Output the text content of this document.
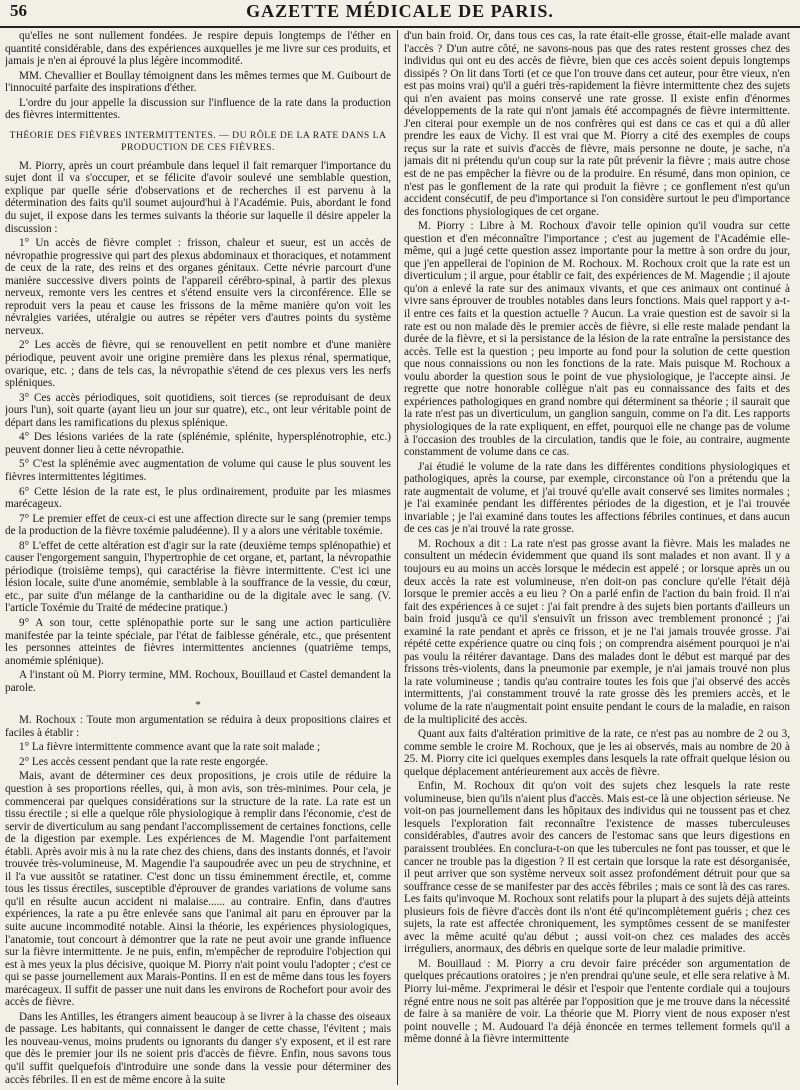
56	GAZETTE MÉDICALE DE PARIS.

qu'elles ne sont nullement fondées. Je respire depuis longtemps de l'éther en quantité considérable, dans des expériences auxquelles je me livre sur ces produits, et jamais je n'en ai éprouvé la plus légère incommodité.

MM. Chevallier et Boullay témoignent dans les mêmes termes que M. Guibourt de l'innocuité parfaite des inspirations d'éther.

L'ordre du jour appelle la discussion sur l'influence de la rate dans la production des fièvres intermittentes.

THÉORIE DES FIÈVRES INTERMITTENTES. — DU RÔLE DE LA RATE DANS LA PRODUCTION DE CES FIÈVRES.

M. Piorry, après un court préambule dans lequel il fait remarquer l'importance du sujet dont il va s'occuper, et se félicite d'avoir soulevé une semblable question, explique par quelle série d'observations et de recherches il est parvenu à la détermination des faits qu'il soumet aujourd'hui à l'Académie. Puis, abordant le fond du sujet, il expose dans les termes suivants la théorie sur laquelle il désire appeler la discussion :

1° Un accès de fièvre complet : frisson, chaleur et sueur, est un accès de névropathie progressive qui part des plexus abdominaux et thoraciques, et notamment de ceux de la rate, des reins et des organes génitaux. Cette névrie parcourt d'une manière successive divers points de l'appareil cérébro-spinal, à partir des plexus nerveux, remonte vers les centres et s'étend ensuite vers la circonférence. Elle se reproduit vers la peau et cause les frissons de la même manière qu'on voit les névralgies variées, utéralgie ou autres se répéter vers d'autres points du système nerveux.

2° Les accès de fièvre, qui se renouvellent en petit nombre et d'une manière périodique, peuvent avoir une origine première dans les plexus rénal, spermatique, ovarique, etc. ; dans de tels cas, la névropathie s'étend de ces plexus vers les nerfs spléniques.

3° Ces accès périodiques, soit quotidiens, soit tierces (se reproduisant de deux jours l'un), soit quarte (ayant lieu un jour sur quatre), etc., ont leur véritable point de départ dans les ramifications du plexus splénique.

4° Des lésions variées de la rate (splénémie, splénite, hypersplénotrophie, etc.) peuvent donner lieu à cette névropathie.

5° C'est la splénémie avec augmentation de volume qui cause le plus souvent les fièvres intermittentes légitimes.

6° Cette lésion de la rate est, le plus ordinairement, produite par les miasmes marécageux.

7° Le premier effet de ceux-ci est une affection directe sur le sang (premier temps de la production de la fièvre toxémie paludéenne). Il y a alors une véritable toxémie.

8° L'effet de cette altération est d'agir sur la rate (deuxième temps splénopathie) et causer l'engorgement sanguin, l'hypertrophie de cet organe, et, partant, la névropathie périodique (troisième temps), qui caractérise la fièvre intermittente. C'est ici une lésion locale, suite d'une anomémie, semblable à la souffrance de la vessie, du cœur, etc., par suite d'un mélange de la cantharidine ou de la digitale avec le sang. (V. l'article Toxémie du Traité de médecine pratique.)

9° A son tour, cette splénopathie porte sur le sang une action particulière manifestée par la teinte spéciale, par l'état de faiblesse générale, etc., que présentent les personnes atteintes de fièvres intermittentes anciennes (quatrième temps, anomémie splénique).

A l'instant où M. Piorry termine, MM. Rochoux, Bouillaud et Castel demandent la parole.

*

M. Rochoux : Toute mon argumentation se réduira à deux propositions claires et faciles à établir :

1° La fièvre intermittente commence avant que la rate soit malade ;

2° Les accès cessent pendant que la rate reste engorgée.

Mais, avant de déterminer ces deux propositions, je crois utile de réduire la question à ses proportions réelles, qui, à mon avis, son très-minimes. Pour cela, je commencerai par quelques considérations sur la structure de la rate. La rate est un tissu érectile ; si elle a quelque rôle physiologique à remplir dans l'économie, c'est de servir de diverticulum au sang pendant l'accomplissement de certaines fonctions, celle de la digestion par exemple. Les expériences de M. Magendie l'ont parfaitement établi. Après avoir mis à nu la rate chez des chiens, dans des instants donnés, et l'avoir trouvée très-volumineuse, M. Magendie l'a saupoudrée avec un peu de strychnine, et il l'a vue aussitôt se ratatiner. C'est donc un tissu éminemment érectile, et, comme tous les tissus érectiles, susceptible d'éprouver de grandes variations de volume sans qu'il en résulte aucun accident ni malaise...... au contraire. Enfin, dans d'autres expériences, la rate a pu être enlevée sans que l'animal ait paru en éprouver par la suite aucune incommodité notable. Ainsi la théorie, les expériences physiologiques, l'anatomie, tout concourt à démontrer que la rate ne peut avoir une grande influence sur la fièvre intermittente. Je ne puis, enfin, m'empêcher de reproduire l'objection qui est à mes yeux la plus décisive, quoique M. Piorry n'ait point voulu l'adopter ; c'est ce qui se passe journellement aux Marais-Pontins. Il en est de même dans tous les foyers marécageux. Il suffit de passer une nuit dans les environs de Rochefort pour avoir des accès de fièvre.

Dans les Antilles, les étrangers aiment beaucoup à se livrer à la chasse des oiseaux de passage. Les habitants, qui connaissent le danger de cette chasse, l'évitent ; mais les nouveau-venus, moins prudents ou ignorants du danger s'y exposent, et il est rare que dès le premier jour ils ne soient pris d'accès de fièvre. Enfin, nous savons tous qu'il suffit quelquefois d'introduire une sonde dans la vessie pour déterminer des accès fébriles. Il en est de même encore à la suite

d'un bain froid. Or, dans tous ces cas, la rate était-elle grosse, était-elle malade avant l'accès ? D'un autre côté, ne savons-nous pas que des rates restent grosses chez des individus qui ont eu des accès de fièvre, bien que ces accès soient depuis longtemps dissipés ? On lit dans Torti (et ce que l'on trouve dans cet auteur, pour être vieux, n'en est pas moins vrai) qu'il a guéri très-rapidement la fièvre intermittente chez des sujets qui n'en avaient pas moins conservé une rate grosse. Il existe enfin d'énormes développements de la rate qui n'ont jamais été accompagnés de fièvre intermittente. J'en citerai pour exemple un de nos confrères qui est dans ce cas et qui a dû aller prendre les eaux de Vichy. Il est vrai que M. Piorry a cité des exemples de coups reçus sur la rate et suivis d'accès de fièvre, mais personne ne doute, je sache, n'a jamais dit ni prétendu qu'un coup sur la rate pût prévenir la fièvre ; mais autre chose est de ne pas empêcher la fièvre ou de la produire. En résumé, dans mon opinion, ce n'est pas le gonflement de la rate qui produit la fièvre ; ce gonflement n'est qu'un accident consécutif, de peu d'importance si l'on considère surtout le peu d'importance des fonctions physiologiques de cet organe.

M. Piorry : Libre à M. Rochoux d'avoir telle opinion qu'il voudra sur cette question et d'en méconnaître l'importance ; c'est au jugement de l'Académie elle-même, qui a jugé cette question assez importante pour la mettre à son ordre du jour, que j'en appellerai de l'opinion de M. Rochoux. M. Rochoux croit que la rate est un diverticulum ; il argue, pour établir ce fait, des expériences de M. Magendie ; il ajoute qu'on a enlevé la rate sur des animaux vivants, et que ces animaux ont continué à vivre sans éprouver de troubles notables dans leurs fonctions. Mais quel rapport y a-t-il entre ces faits et la question actuelle ? Aucun. La vraie question est de savoir si la rate est ou non malade dès le premier accès de fièvre, si elle reste malade pendant la durée de la fièvre, et si la persistance de la lésion de la rate entraîne la persistance des accès. Telle est la question ; peu importe au fond pour la solution de cette question que nous connaissions ou non les fonctions de la rate. Mais puisque M. Rochoux a voulu aborder la question sous le point de vue physiologique, je l'accepte ainsi. Je regrette que notre honorable collègue n'ait pas eu connaissance des faits et des expériences pathologiques en grand nombre qui déterminent sa théorie ; il saurait que la rate n'est pas un diverticulum, un ganglion sanguin, comme on l'a dit. Les rapports physiologiques de la rate expliquent, en effet, pourquoi elle ne change pas de volume à l'occasion des troubles de la circulation, tandis que le foie, au contraire, augmente constamment de volume dans ce cas.

J'ai étudié le volume de la rate dans les différentes conditions physiologiques et pathologiques, après la course, par exemple, circonstance où l'on a prétendu que la rate augmentait de volume, et j'ai trouvé qu'elle avait conservé ses limites normales ; je l'ai examinée pendant les différentes périodes de la digestion, et je l'ai trouvée invariable ; je l'ai examiné dans toutes les affections fébriles continues, et dans aucun de ces cas je n'ai trouvé la rate grosse.

M. Rochoux a dit : La rate n'est pas grosse avant la fièvre. Mais les malades ne consultent un médecin évidemment que quand ils sont malades et non avant. Il y a toujours eu au moins un accès lorsque le médecin est appelé ; or lorsque après un ou deux accès la rate est volumineuse, n'en doit-on pas conclure qu'elle l'était déjà lorsque le premier accès a eu lieu ? On a parlé enfin de l'action du bain froid. Il n'ai fait des expériences à ce sujet : j'ai fait prendre à des sujets bien portants d'ailleurs un bain froid jusqu'à ce qu'il s'ensuivît un frisson avec tremblement prononcé ; j'ai examiné la rate pendant et après ce frisson, et je ne l'ai jamais trouvée grosse. J'ai répété cette expérience quatre ou cinq fois ; on comprendra aisément pourquoi je n'ai pas voulu la réitérer davantage. Dans des malades dont le début est marqué par des frissons très-violents, dans la pneumonie par exemple, je n'ai jamais trouvé non plus la rate volumineuse ; tandis qu'au contraire toutes les fois que j'ai observé des accès intermittents, j'ai constamment trouvé la rate grosse dès les premiers accès, et le volume de la rate n'augmentait point ensuite pendant le cours de la maladie, en raison de la multiplicité des accès.

Quant aux faits d'altération primitive de la rate, ce n'est pas au nombre de 2 ou 3, comme semble le croire M. Rochoux, que je les ai observés, mais au nombre de 20 à 25. M. Piorry cite ici quelques exemples dans lesquels la rate offrait quelque lésion ou quelque déplacement antérieurement aux accès de fièvre.

Enfin, M. Rochoux dit qu'on voit des sujets chez lesquels la rate reste volumineuse, bien qu'ils n'aient plus d'accès. Mais est-ce là une objection sérieuse. Ne voit-on pas journellement dans les hôpitaux des individus qui ne toussent pas et chez lesquels l'exploration fait reconnaître l'existence de masses tuberculeuses considérables, d'autres avoir des cancers de l'estomac sans que leurs digestions en paraissent troublées. En conclura-t-on que les tubercules ne font pas tousser, et que le cancer ne trouble pas la digestion ? Il est certain que lorsque la rate est désorganisée, il peut arriver que son système nerveux soit assez profondément détruit pour que sa souffrance cesse de se manifester par des accès fébriles ; mais ce sont là des cas rares. Les faits qu'invoque M. Rochoux sont relatifs pour la plupart à des sujets déjà atteints plusieurs fois de fièvre d'accès dont ils n'ont été qu'incomplètement guéris ; chez ces sujets, la rate est affectée chroniquement, les symptômes cessent de se manifester avec la même acuité qu'au début ; aussi voit-on chez ces malades des accès irréguliers, anormaux, des débris en quelque sorte de leur maladie primitive.

M. Bouillaud : M. Piorry a cru devoir faire précéder son argumentation de quelques précautions oratoires ; je n'en prendrai qu'une seule, et elle sera relative à M. Piorry lui-même. J'exprimerai le désir et l'espoir que l'entente cordiale qui a toujours régné entre nous ne soit pas altérée par l'opposition que je me trouve dans la nécessité de faire à sa manière de voir. La théorie que M. Piorry vient de nous exposer n'est point nouvelle ; M. Audouard l'a déjà énoncée en termes tellement formels qu'il a même donné à la fièvre intermittente
